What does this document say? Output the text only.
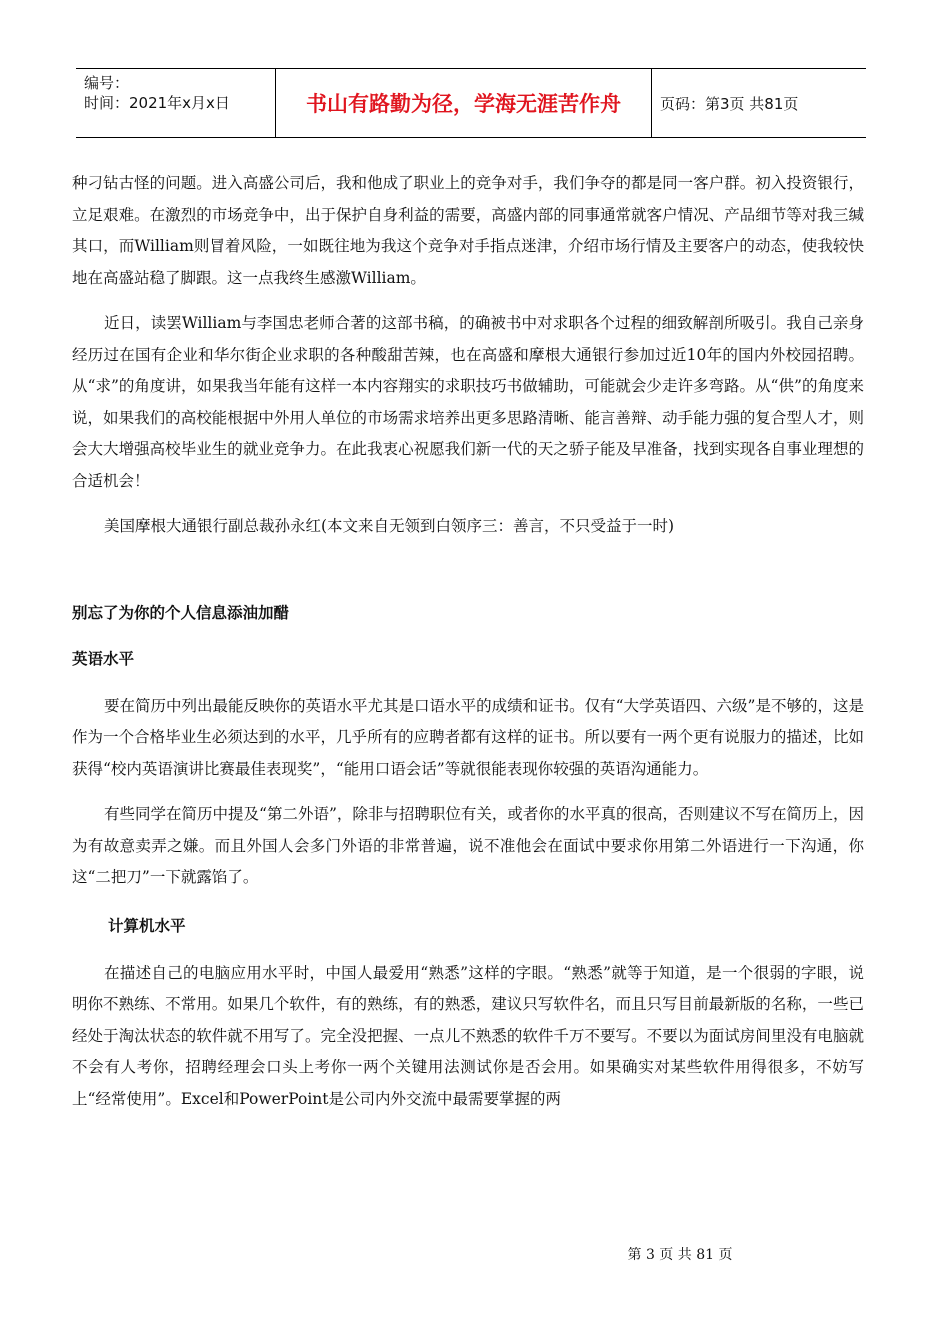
编号：
时间：2021年x月x日	书山有路勤为径，学海无涯苦作舟	页码：第3页 共81页

种刁钻古怪的问题。进入高盛公司后，我和他成了职业上的竞争对手，我们争夺的都是同一客户群。初入投资银行，立足艰难。在激烈的市场竞争中，出于保护自身利益的需要，高盛内部的同事通常就客户情况、产品细节等对我三缄其口，而William则冒着风险，一如既往地为我这个竞争对手指点迷津，介绍市场行情及主要客户的动态，使我较快地在高盛站稳了脚跟。这一点我终生感激William。

近日，读罢William与李国忠老师合著的这部书稿，的确被书中对求职各个过程的细致解剖所吸引。我自己亲身经历过在国有企业和华尔街企业求职的各种酸甜苦辣，也在高盛和摩根大通银行参加过近10年的国内外校园招聘。从“求”的角度讲，如果我当年能有这样一本内容翔实的求职技巧书做辅助，可能就会少走许多弯路。从“供”的角度来说，如果我们的高校能根据中外用人单位的市场需求培养出更多思路清晰、能言善辩、动手能力强的复合型人才，则会大大增强高校毕业生的就业竞争力。在此我衷心祝愿我们新一代的天之骄子能及早准备，找到实现各自事业理想的合适机会！

美国摩根大通银行副总裁孙永红(本文来自无领到白领序三：善言，不只受益于一时)

别忘了为你的个人信息添油加醋
英语水平

要在简历中列出最能反映你的英语水平尤其是口语水平的成绩和证书。仅有“大学英语四、六级”是不够的，这是作为一个合格毕业生必须达到的水平，几乎所有的应聘者都有这样的证书。所以要有一两个更有说服力的描述，比如获得“校内英语演讲比赛最佳表现奖”，“能用口语会话”等就很能表现你较强的英语沟通能力。

有些同学在简历中提及“第二外语”，除非与招聘职位有关，或者你的水平真的很高，否则建议不写在简历上，因为有故意卖弄之嫌。而且外国人会多门外语的非常普遍，说不准他会在面试中要求你用第二外语进行一下沟通，你这“二把刀”一下就露馅了。

计算机水平

在描述自己的电脑应用水平时，中国人最爱用“熟悉”这样的字眼。“熟悉”就等于知道，是一个很弱的字眼，说明你不熟练、不常用。如果几个软件，有的熟练，有的熟悉，建议只写软件名，而且只写目前最新版的名称，一些已经处于淘汰状态的软件就不用写了。完全没把握、一点儿不熟悉的软件千万不要写。不要以为面试房间里没有电脑就不会有人考你，招聘经理会口头上考你一两个关键用法测试你是否会用。如果确实对某些软件用得很多，不妨写上“经常使用”。Excel和PowerPoint是公司内外交流中最需要掌握的两

第 3 页 共 81 页
